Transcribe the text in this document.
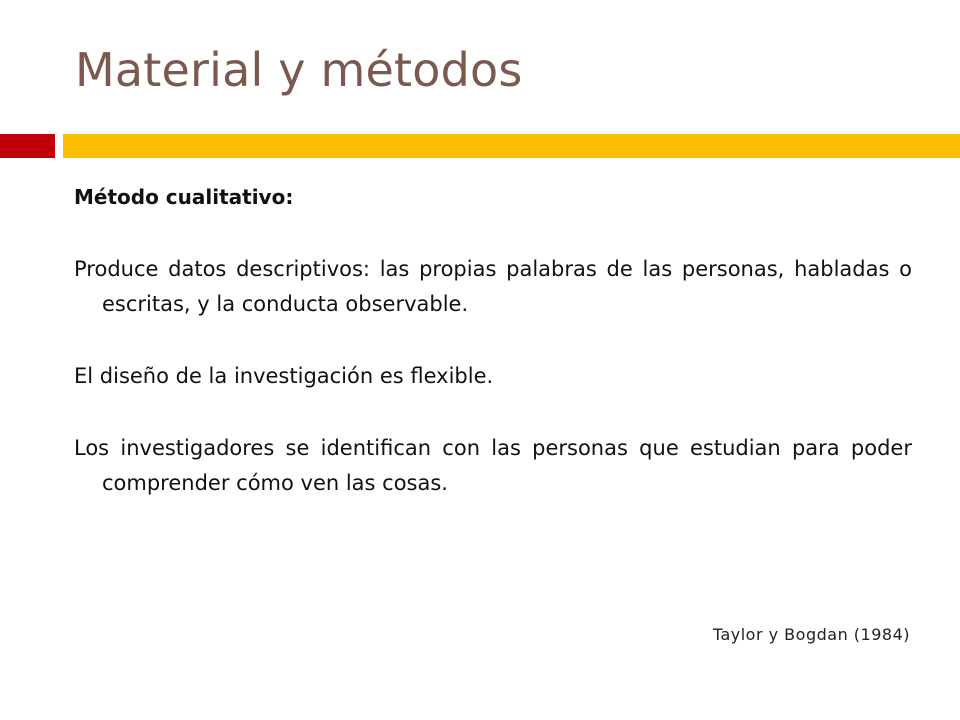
Material y métodos

Método cualitativo:

Produce datos descriptivos: las propias palabras de las personas, habladas o escritas, y la conducta observable.

El diseño de la investigación es flexible.

Los investigadores se identifican con las personas que estudian para poder comprender cómo ven las cosas.

Taylor y Bogdan (1984)
